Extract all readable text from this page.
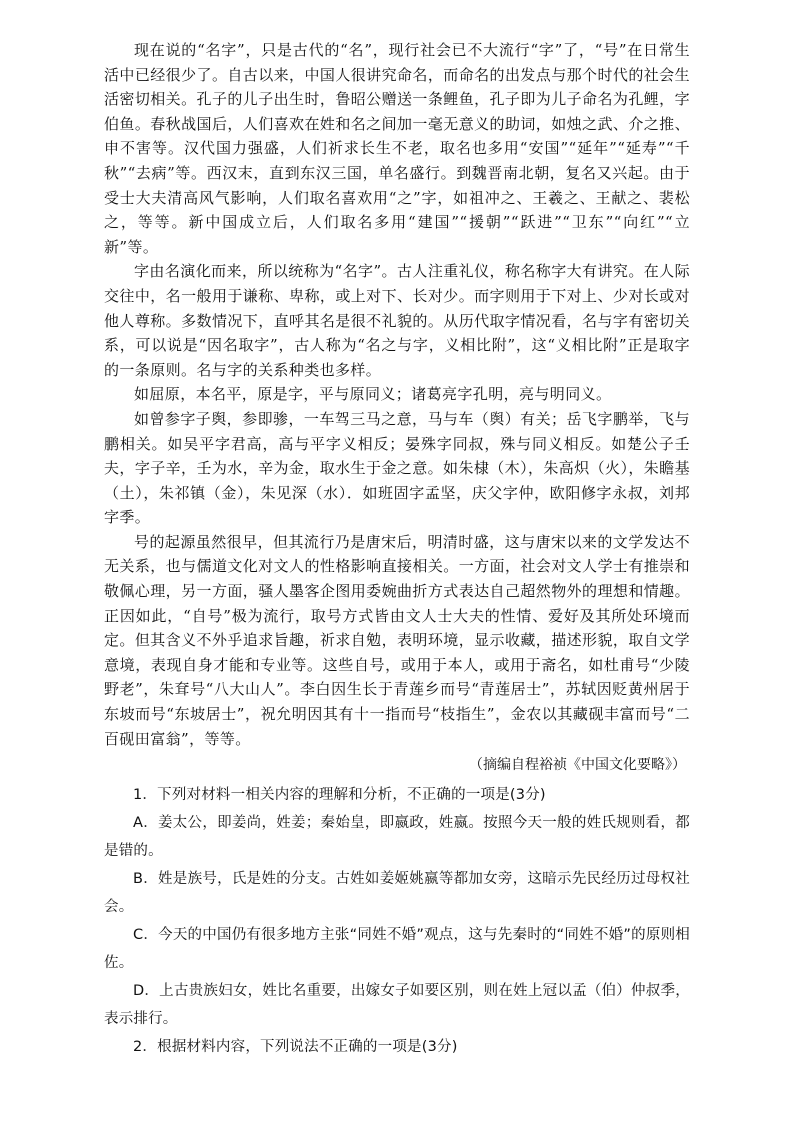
现在说的“名字”，只是古代的“名”，现行社会已不大流行“字”了，“号”在日常生活中已经很少了。自古以来，中国人很讲究命名，而命名的出发点与那个时代的社会生活密切相关。孔子的儿子出生时，鲁昭公赠送一条鲤鱼，孔子即为儿子命名为孔鲤，字伯鱼。春秋战国后，人们喜欢在姓和名之间加一毫无意义的助词，如烛之武、介之推、申不害等。汉代国力强盛，人们祈求长生不老，取名也多用“安国”“延年”“延寿”“千秋”“去病”等。西汉末，直到东汉三国，单名盛行。到魏晋南北朝，复名又兴起。由于受士大夫清高风气影响，人们取名喜欢用“之”字，如祖冲之、王羲之、王献之、裴松之，等等。新中国成立后，人们取名多用“建国”“援朝”“跃进”“卫东”“向红”“立新”等。

字由名演化而来，所以统称为“名字”。古人注重礼仪，称名称字大有讲究。在人际交往中，名一般用于谦称、卑称，或上对下、长对少。而字则用于下对上、少对长或对他人尊称。多数情况下，直呼其名是很不礼貌的。从历代取字情况看，名与字有密切关系，可以说是“因名取字”，古人称为“名之与字，义相比附”，这“义相比附”正是取字的一条原则。名与字的关系种类也多样。

如屈原，本名平，原是字，平与原同义；诸葛亮字孔明，亮与明同义。

如曾参字子舆，参即骖，一车驾三马之意，马与车（舆）有关；岳飞字鹏举，飞与鹏相关。如吴平字君高，高与平字义相反；晏殊字同叔，殊与同义相反。如楚公子壬夫，字子辛，壬为水，辛为金，取水生于金之意。如朱棣（木），朱高炽（火），朱瞻基（土），朱祁镇（金），朱见深（水）．如班固字孟坚，庆父字仲，欧阳修字永叔，刘邦字季。

号的起源虽然很早，但其流行乃是唐宋后，明清时盛，这与唐宋以来的文学发达不无关系，也与儒道文化对文人的性格影响直接相关。一方面，社会对文人学士有推崇和敬佩心理，另一方面，骚人墨客企图用委婉曲折方式表达自己超然物外的理想和情趣。正因如此，“自号”极为流行，取号方式皆由文人士大夫的性情、爱好及其所处环境而定。但其含义不外乎追求旨趣，祈求自勉，表明环境，显示收藏，描述形貌，取自文学意境，表现自身才能和专业等。这些自号，或用于本人，或用于斋名，如杜甫号“少陵野老”，朱耷号“八大山人”。李白因生长于青莲乡而号“青莲居士”，苏轼因贬黄州居于东坡而号“东坡居士”，祝允明因其有十一指而号“枝指生”，金农以其藏砚丰富而号“二百砚田富翁”，等等。

（摘编自程裕祯《中国文化要略》）

1．下列对材料一相关内容的理解和分析，不正确的一项是(3分)

A．姜太公，即姜尚，姓姜；秦始皇，即嬴政，姓嬴。按照今天一般的姓氏规则看，都是错的。

B．姓是族号，氏是姓的分支。古姓如姜姬姚嬴等都加女旁，这暗示先民经历过母权社会。

C．今天的中国仍有很多地方主张“同姓不婚”观点，这与先秦时的“同姓不婚”的原则相佐。

D．上古贵族妇女，姓比名重要，出嫁女子如要区别，则在姓上冠以孟（伯）仲叔季，表示排行。

2．根据材料内容，下列说法不正确的一项是(3分)
